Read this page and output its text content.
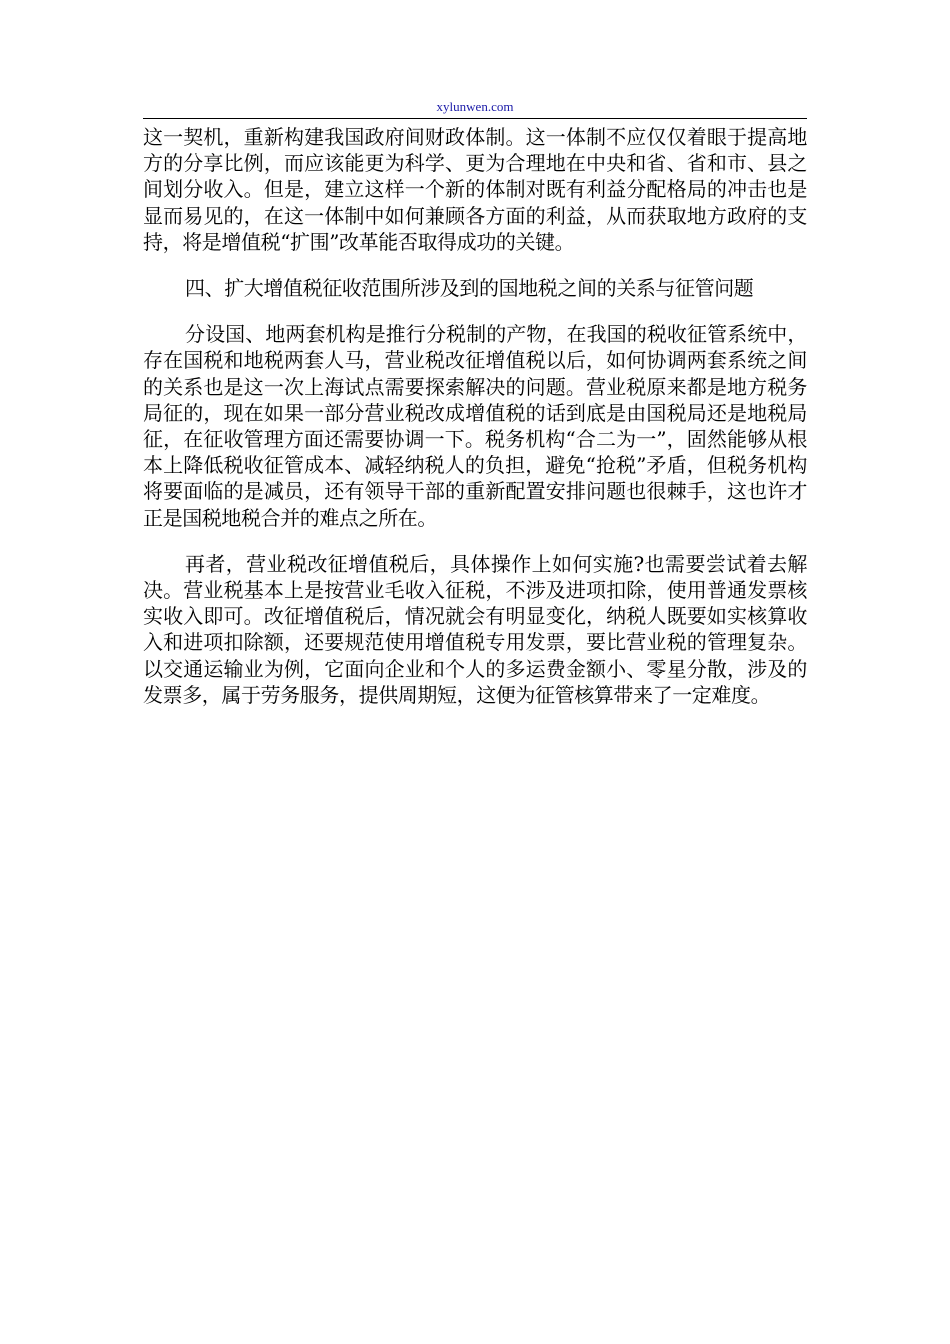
xylunwen.com

这一契机，重新构建我国政府间财政体制。这一体制不应仅仅着眼于提高地方的分享比例，而应该能更为科学、更为合理地在中央和省、省和市、县之间划分收入。但是，建立这样一个新的体制对既有利益分配格局的冲击也是显而易见的，在这一体制中如何兼顾各方面的利益，从而获取地方政府的支持，将是增值税“扩围”改革能否取得成功的关键。

四、扩大增值税征收范围所涉及到的国地税之间的关系与征管问题

分设国、地两套机构是推行分税制的产物，在我国的税收征管系统中，存在国税和地税两套人马，营业税改征增值税以后，如何协调两套系统之间的关系也是这一次上海试点需要探索解决的问题。营业税原来都是地方税务局征的，现在如果一部分营业税改成增值税的话到底是由国税局还是地税局征，在征收管理方面还需要协调一下。税务机构“合二为一”，固然能够从根本上降低税收征管成本、减轻纳税人的负担，避免“抢税”矛盾，但税务机构将要面临的是减员，还有领导干部的重新配置安排问题也很棘手，这也许才正是国税地税合并的难点之所在。

再者，营业税改征增值税后，具体操作上如何实施?也需要尝试着去解决。营业税基本上是按营业毛收入征税，不涉及进项扣除，使用普通发票核实收入即可。改征增值税后，情况就会有明显变化，纳税人既要如实核算收入和进项扣除额，还要规范使用增值税专用发票，要比营业税的管理复杂。以交通运输业为例，它面向企业和个人的多运费金额小、零星分散，涉及的发票多，属于劳务服务，提供周期短，这便为征管核算带来了一定难度。
